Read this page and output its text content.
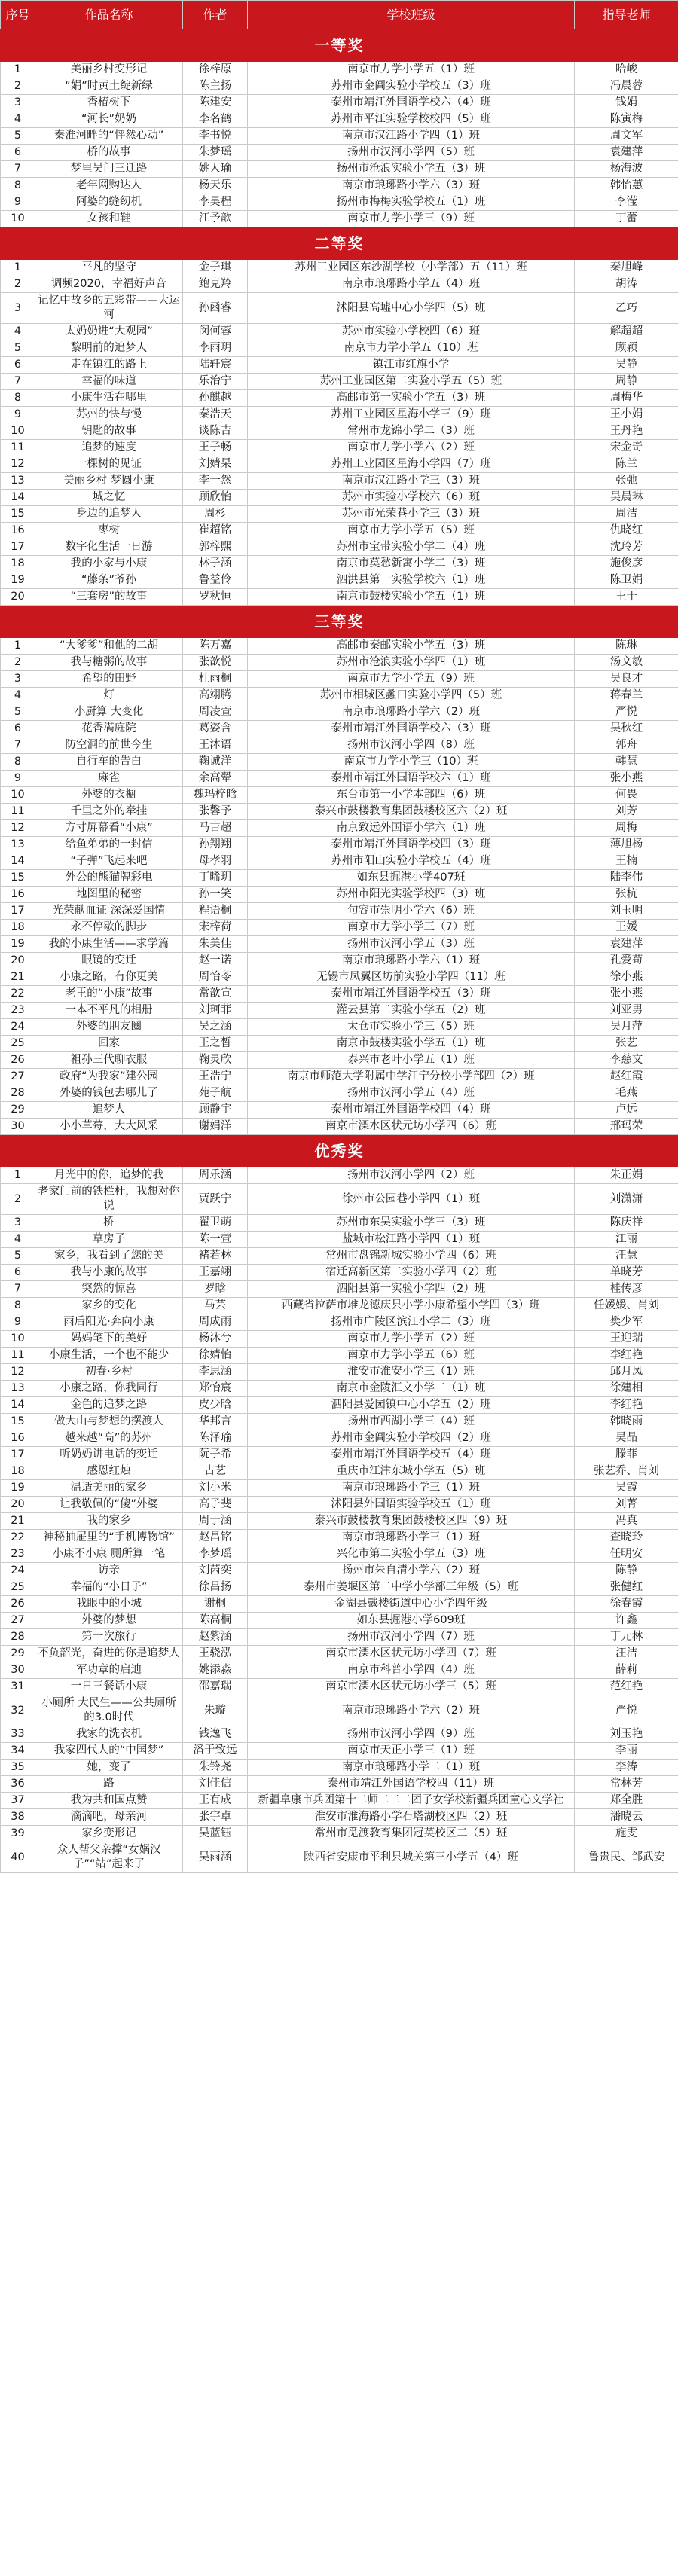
序号	作品名称	作者	学校班级	指导老师
一等奖				
1	美丽乡村变形记	徐梓原	南京市力学小学五（1）班	哈峻
2	“娟”时黄土绽新绿	陈主扬	苏州市金阊实验小学校五（3）班	冯晨蓉
3	香椿树下	陈建安	泰州市靖江外国语学校六（4）班	钱娟
4	“河长”奶奶	李名鹤	苏州市平江实验学校校四（5）班	陈寅梅
5	秦淮河畔的“怦然心动”	李书悦	南京市汉江路小学四（1）班	周文军
6	桥的故事	朱梦瑶	扬州市汉河小学四（5）班	袁建萍
7	梦里吴门三迁路	姚人瑜	扬州市沧浪实验小学五（3）班	杨海波
8	老年网购达人	杨天乐	南京市琅琊路小学六（3）班	韩怡蕙
9	阿婆的缝纫机	李昊程	扬州市梅梅实验学校五（1）班	李滢
10	女孩和鞋	江予歆	南京市力学小学三（9）班	丁蕾
二等奖				
1	平凡的坚守	金子琪	苏州工业园区东沙湖学校（小学部）五（11）班	秦旭峰
2	调频2020，幸福好声音	鲍克羚	南京市琅琊路小学五（4）班	胡涛
3	记忆中故乡的五彩带——大运河	孙函睿	沭阳县高墟中心小学四（5）班	乙巧
4	太奶奶进“大观园”	闵何蓉	苏州市实验小学校四（6）班	解超超
5	黎明前的追梦人	李雨玥	南京市力学小学五（10）班	顾颖
6	走在镇江的路上	陆轩宸	镇江市红旗小学	吴静
7	幸福的味道	乐治宁	苏州工业园区第二实验小学五（5）班	周静
8	小康生活在哪里	孙麒越	高邮市第一实验小学五（3）班	周梅华
9	苏州的快与慢	秦浩天	苏州工业园区星海小学三（9）班	王小娟
10	钥匙的故事	谈陈吉	常州市龙锦小学二（3）班	王丹艳
11	追梦的速度	王子畅	南京市力学小学六（2）班	宋金奇
12	一棵树的见证	刘婧杲	苏州工业园区星海小学四（7）班	陈兰
13	美丽乡村 梦圆小康	李一然	南京市汉江路小学三（3）班	张弛
14	城之忆	顾欣怡	苏州市实验小学校六（6）班	吴晨琳
15	身边的追梦人	周杉	苏州市光荣巷小学三（3）班	周洁
16	枣树	崔超铭	南京市力学小学五（5）班	仇晓红
17	数字化生活一日游	郭梓熙	苏州市宝带实验小学二（4）班	沈玲芳
18	我的小家与小康	林子涵	南京市莫愁新寓小学二（3）班	施俊彦
19	“藤条”爷孙	鲁益伶	泗洪县第一实验学校六（1）班	陈卫娟
20	“三套房”的故事	罗秋恒	南京市鼓楼实验小学五（1）班	王干
三等奖				
1	“大爹爹”和他的二胡	陈万嘉	高邮市秦邮实验小学五（3）班	陈琳
2	我与糖粥的故事	张歆悦	苏州市沧浪实验小学四（1）班	汤文敏
3	希望的田野	杜雨桐	南京市力学小学五（9）班	吴良才
4	灯	高翊腾	苏州市相城区蠡口实验小学四（5）班	蒋春兰
5	小厨算 大变化	周凌萱	南京市琅琊路小学六（2）班	严悦
6	花香满庭院	葛姿含	泰州市靖江外国语学校六（3）班	吴秋红
7	防空洞的前世今生	王沐语	扬州市汉河小学四（8）班	郭舟
8	自行车的告白	鞠诚洋	南京市力学小学三（10）班	韩慧
9	麻雀	余高翚	泰州市靖江外国语学校六（1）班	张小燕
10	外婆的衣橱	魏玛梓晗	东台市第一小学本部四（6）班	何畏
11	千里之外的牵挂	张馨予	泰兴市鼓楼教育集团鼓楼校区六（2）班	刘芳
12	方寸屏幕看“小康”	马吉超	南京致远外国语小学六（1）班	周梅
13	给鱼弟弟的一封信	孙翔翔	泰州市靖江外国语学校四（3）班	薄旭杨
14	“子弹”飞起来吧	母孝羽	苏州市阳山实验小学校五（4）班	王楠
15	外公的熊猫牌彩电	丁晞玥	如东县掘港小学407班	陆李伟
16	地图里的秘密	孙一笑	苏州市阳光实验学校四（3）班	张杭
17	光荣献血证 深深爱国情	程语桐	句容市崇明小学六（6）班	刘玉明
18	永不停歇的脚步	宋梓荷	南京市力学小学三（7）班	王媛
19	我的小康生活——求学篇	朱美佳	扬州市汉河小学五（3）班	袁建萍
20	眼镜的变迁	赵一诺	南京市琅琊路小学六（1）班	孔爱苟
21	小康之路，有你更美	周怡苓	无锡市凤翼区坊前实验小学四（11）班	徐小燕
22	老王的“小康”故事	常歆宣	泰州市靖江外国语学校五（3）班	张小燕
23	一本不平凡的相册	刘珂菲	灌云县第二实验小学五（2）班	刘亚男
24	外婆的朋友圈	吴之涵	太仓市实验小学三（5）班	吴月萍
25	回家	王之皙	南京市鼓楼实验小学五（1）班	张艺
26	祖孙三代聊衣服	鞠灵欣	泰兴市老叶小学五（1）班	李慈文
27	政府“为我家”建公园	王浩宁	南京市师范大学附属中学江宁分校小学部四（2）班	赵红霞
28	外婆的钱包去哪儿了	苑子航	扬州市汉河小学五（4）班	毛燕
29	追梦人	顾静宇	泰州市靖江外国语学校四（4）班	卢远
30	小小草莓，大大风采	谢娟洋	南京市溧水区状元坊小学四（6）班	邢玛荣
优秀奖				
1	月光中的你，追梦的我	周乐涵	扬州市汉河小学四（2）班	朱正娟
2	老家门前的铁栏杆，我想对你说	贾跃宁	徐州市公园巷小学四（1）班	刘潇潇
3	桥	翟卫萌	苏州市东吴实验小学三（3）班	陈庆祥
4	草房子	陈一萱	盐城市松江路小学四（1）班	江丽
5	家乡，我看到了您的美	褚若林	常州市盘锦新城实验小学四（6）班	汪慧
6	我与小康的故事	王嘉翊	宿迁高新区第二实验小学四（2）班	单晓芳
7	突然的惊喜	罗晗	泗阳县第一实验小学四（2）班	桂传彦
8	家乡的变化	马芸	西藏省拉萨市堆龙德庆县小学小康希望小学四（3）班	任媛媛、肖刘
9	雨后阳光·奔向小康	周成雨	扬州市广陵区滨江小学二（3）班	樊少军
10	妈妈笔下的美好	杨沐兮	南京市力学小学五（2）班	王迎瑞
11	小康生活，一个也不能少	徐婧怡	南京市力学小学五（6）班	李红艳
12	初春·乡村	李思涵	淮安市淮安小学三（1）班	邱月凤
13	小康之路，你我同行	郑怡宸	南京市金陵汇文小学二（1）班	徐建相
14	金色的追梦之路	皮少晗	泗阳县爱园镇中心小学五（2）班	李红艳
15	做大山与梦想的摆渡人	华邦言	扬州市西湖小学三（4）班	韩晓雨
16	越来越“高”的苏州	陈泽瑜	苏州市金阊实验小学校四（2）班	吴晶
17	听奶奶讲电话的变迁	阮子希	泰州市靖江外国语学校五（4）班	滕菲
18	感恩红烛	古艺	重庆市江津东城小学五（5）班	张艺乔、肖刘
19	温适美丽的家乡	刘小米	南京市琅琊路小学三（1）班	吴霞
20	让我敬佩的“傻”外婆	高子斐	沭阳县外国语实验学校五（1）班	刘菁
21	我的家乡	周于涵	泰兴市鼓楼教育集团鼓楼校区四（9）班	冯真
22	神秘抽屉里的“手机博物馆”	赵昌铭	南京市琅琊路小学三（1）班	查晓玲
23	小康不小康 厕所算一笔	李梦瑶	兴化市第二实验小学五（3）班	任明安
24	访亲	刘芮奕	扬州市朱自清小学六（2）班	陈静
25	幸福的“小日子”	徐昌扬	泰州市姜堰区第二中学小学部三年级（5）班	张健红
26	我眼中的小城	谢桐	金湖县戴楼街道中心小学四年级	徐春霞
27	外婆的梦想	陈高桐	如东县掘港小学609班	许鑫
28	第一次旅行	赵紫涵	扬州市汉河小学四（7）班	丁元林
29	不负韶光，奋进的你是追梦人	王骁泓	南京市溧水区状元坊小学四（7）班	汪洁
30	军功章的启迪	姚添淼	南京市科普小学四（4）班	薛莉
31	一日三餐话小康	邵嘉瑞	南京市溧水区状元坊小学三（5）班	范红艳
32	小厕所 大民生——公共厕所的3.0时代	朱璇	南京市琅琊路小学六（2）班	严悦
33	我家的洗衣机	钱逸飞	扬州市汉河小学四（9）班	刘玉艳
34	我家四代人的“中国梦”	潘于致远	南京市天正小学三（1）班	李丽
35	她，变了	朱铃尧	南京市琅琊路小学二（1）班	李涛
36	路	刘佳信	泰州市靖江外国语学校四（11）班	常林芳
37	我为共和国点赞	王有成	新疆阜康市兵团第十二师二二二团子女学校新疆兵团童心文学社	郑全胜
38	滴滴吧，母亲河	张宇卓	淮安市淮海路小学石塔湖校区四（2）班	潘晓云
39	家乡变形记	吴蓝钰	常州市觅渡教育集团冠英校区二（5）班	施雯
40	众人帮父亲撑“女娲汉子”“站”起来了	吴雨涵	陕西省安康市平利县城关第三小学五（4）班	鲁贵民、邹武安
